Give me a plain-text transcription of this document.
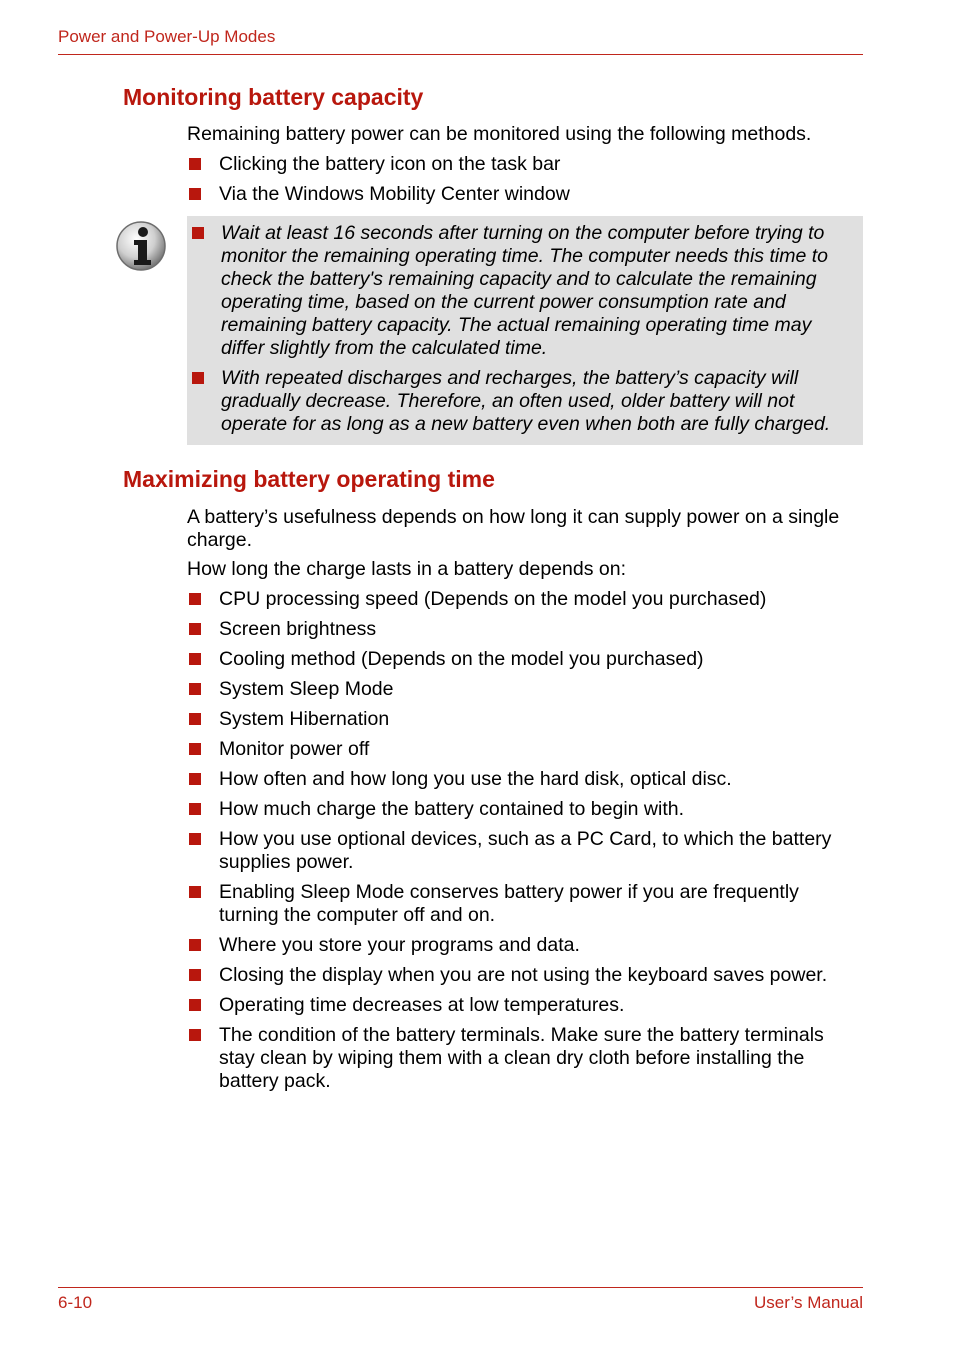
Power and Power-Up Modes
Monitoring battery capacity

Remaining battery power can be monitored using the following methods.

Clicking the battery icon on the task bar
Via the Windows Mobility Center window
Wait at least 16 seconds after turning on the computer before trying to monitor the remaining operating time. The computer needs this time to check the battery's remaining capacity and to calculate the remaining operating time, based on the current power consumption rate and remaining battery capacity. The actual remaining operating time may differ slightly from the calculated time.
With repeated discharges and recharges, the battery’s capacity will gradually decrease. Therefore, an often used, older battery will not operate for as long as a new battery even when both are fully charged.
Maximizing battery operating time

A battery’s usefulness depends on how long it can supply power on a single charge.

How long the charge lasts in a battery depends on:

CPU processing speed (Depends on the model you purchased)
Screen brightness
Cooling method (Depends on the model you purchased)
System Sleep Mode
System Hibernation
Monitor power off
How often and how long you use the hard disk, optical disc.
How much charge the battery contained to begin with.
How you use optional devices, such as a PC Card, to which the battery supplies power.
Enabling Sleep Mode conserves battery power if you are frequently turning the computer off and on.
Where you store your programs and data.
Closing the display when you are not using the keyboard saves power.
Operating time decreases at low temperatures.
The condition of the battery terminals. Make sure the battery terminals stay clean by wiping them with a clean dry cloth before installing the battery pack.
6-10	User’s Manual
